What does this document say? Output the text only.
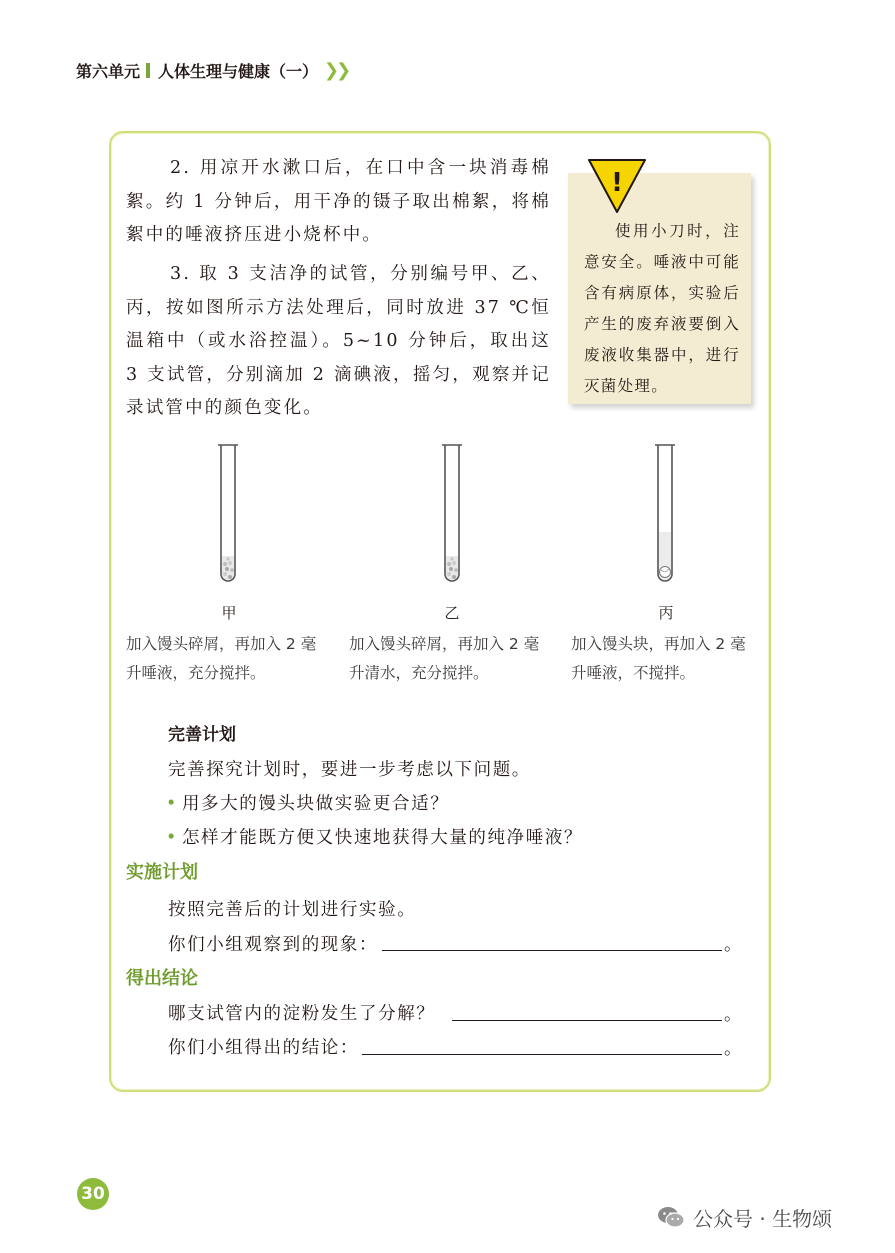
第六单元 人体生理与健康（一） ❯❯

2. 用凉开水漱口后，在口中含一块消毒棉絮。约 1 分钟后，用干净的镊子取出棉絮，将棉絮中的唾液挤压进小烧杯中。

3. 取 3 支洁净的试管，分别编号甲、乙、丙，按如图所示方法处理后，同时放进 37 ℃恒温箱中（或水浴控温）。5~10 分钟后，取出这 3 支试管，分别滴加 2 滴碘液，摇匀，观察并记录试管中的颜色变化。

!

使用小刀时，注意安全。唾液中可能含有病原体，实验后产生的废弃液要倒入废液收集器中，进行灭菌处理。

甲	乙	丙
加入馒头碎屑，再加入 2 毫
升唾液，充分搅拌。
加入馒头碎屑，再加入 2 毫
升清水，充分搅拌。
加入馒头块，再加入 2 毫
升唾液，不搅拌。
完善计划
完善探究计划时，要进一步考虑以下问题。
• 用多大的馒头块做实验更合适？
• 怎样才能既方便又快速地获得大量的纯净唾液？
实施计划
按照完善后的计划进行实验。
你们小组观察到的现象：	。
得出结论
哪支试管内的淀粉发生了分解？	。
你们小组得出的结论：	。
30
公众号 · 生物颂
